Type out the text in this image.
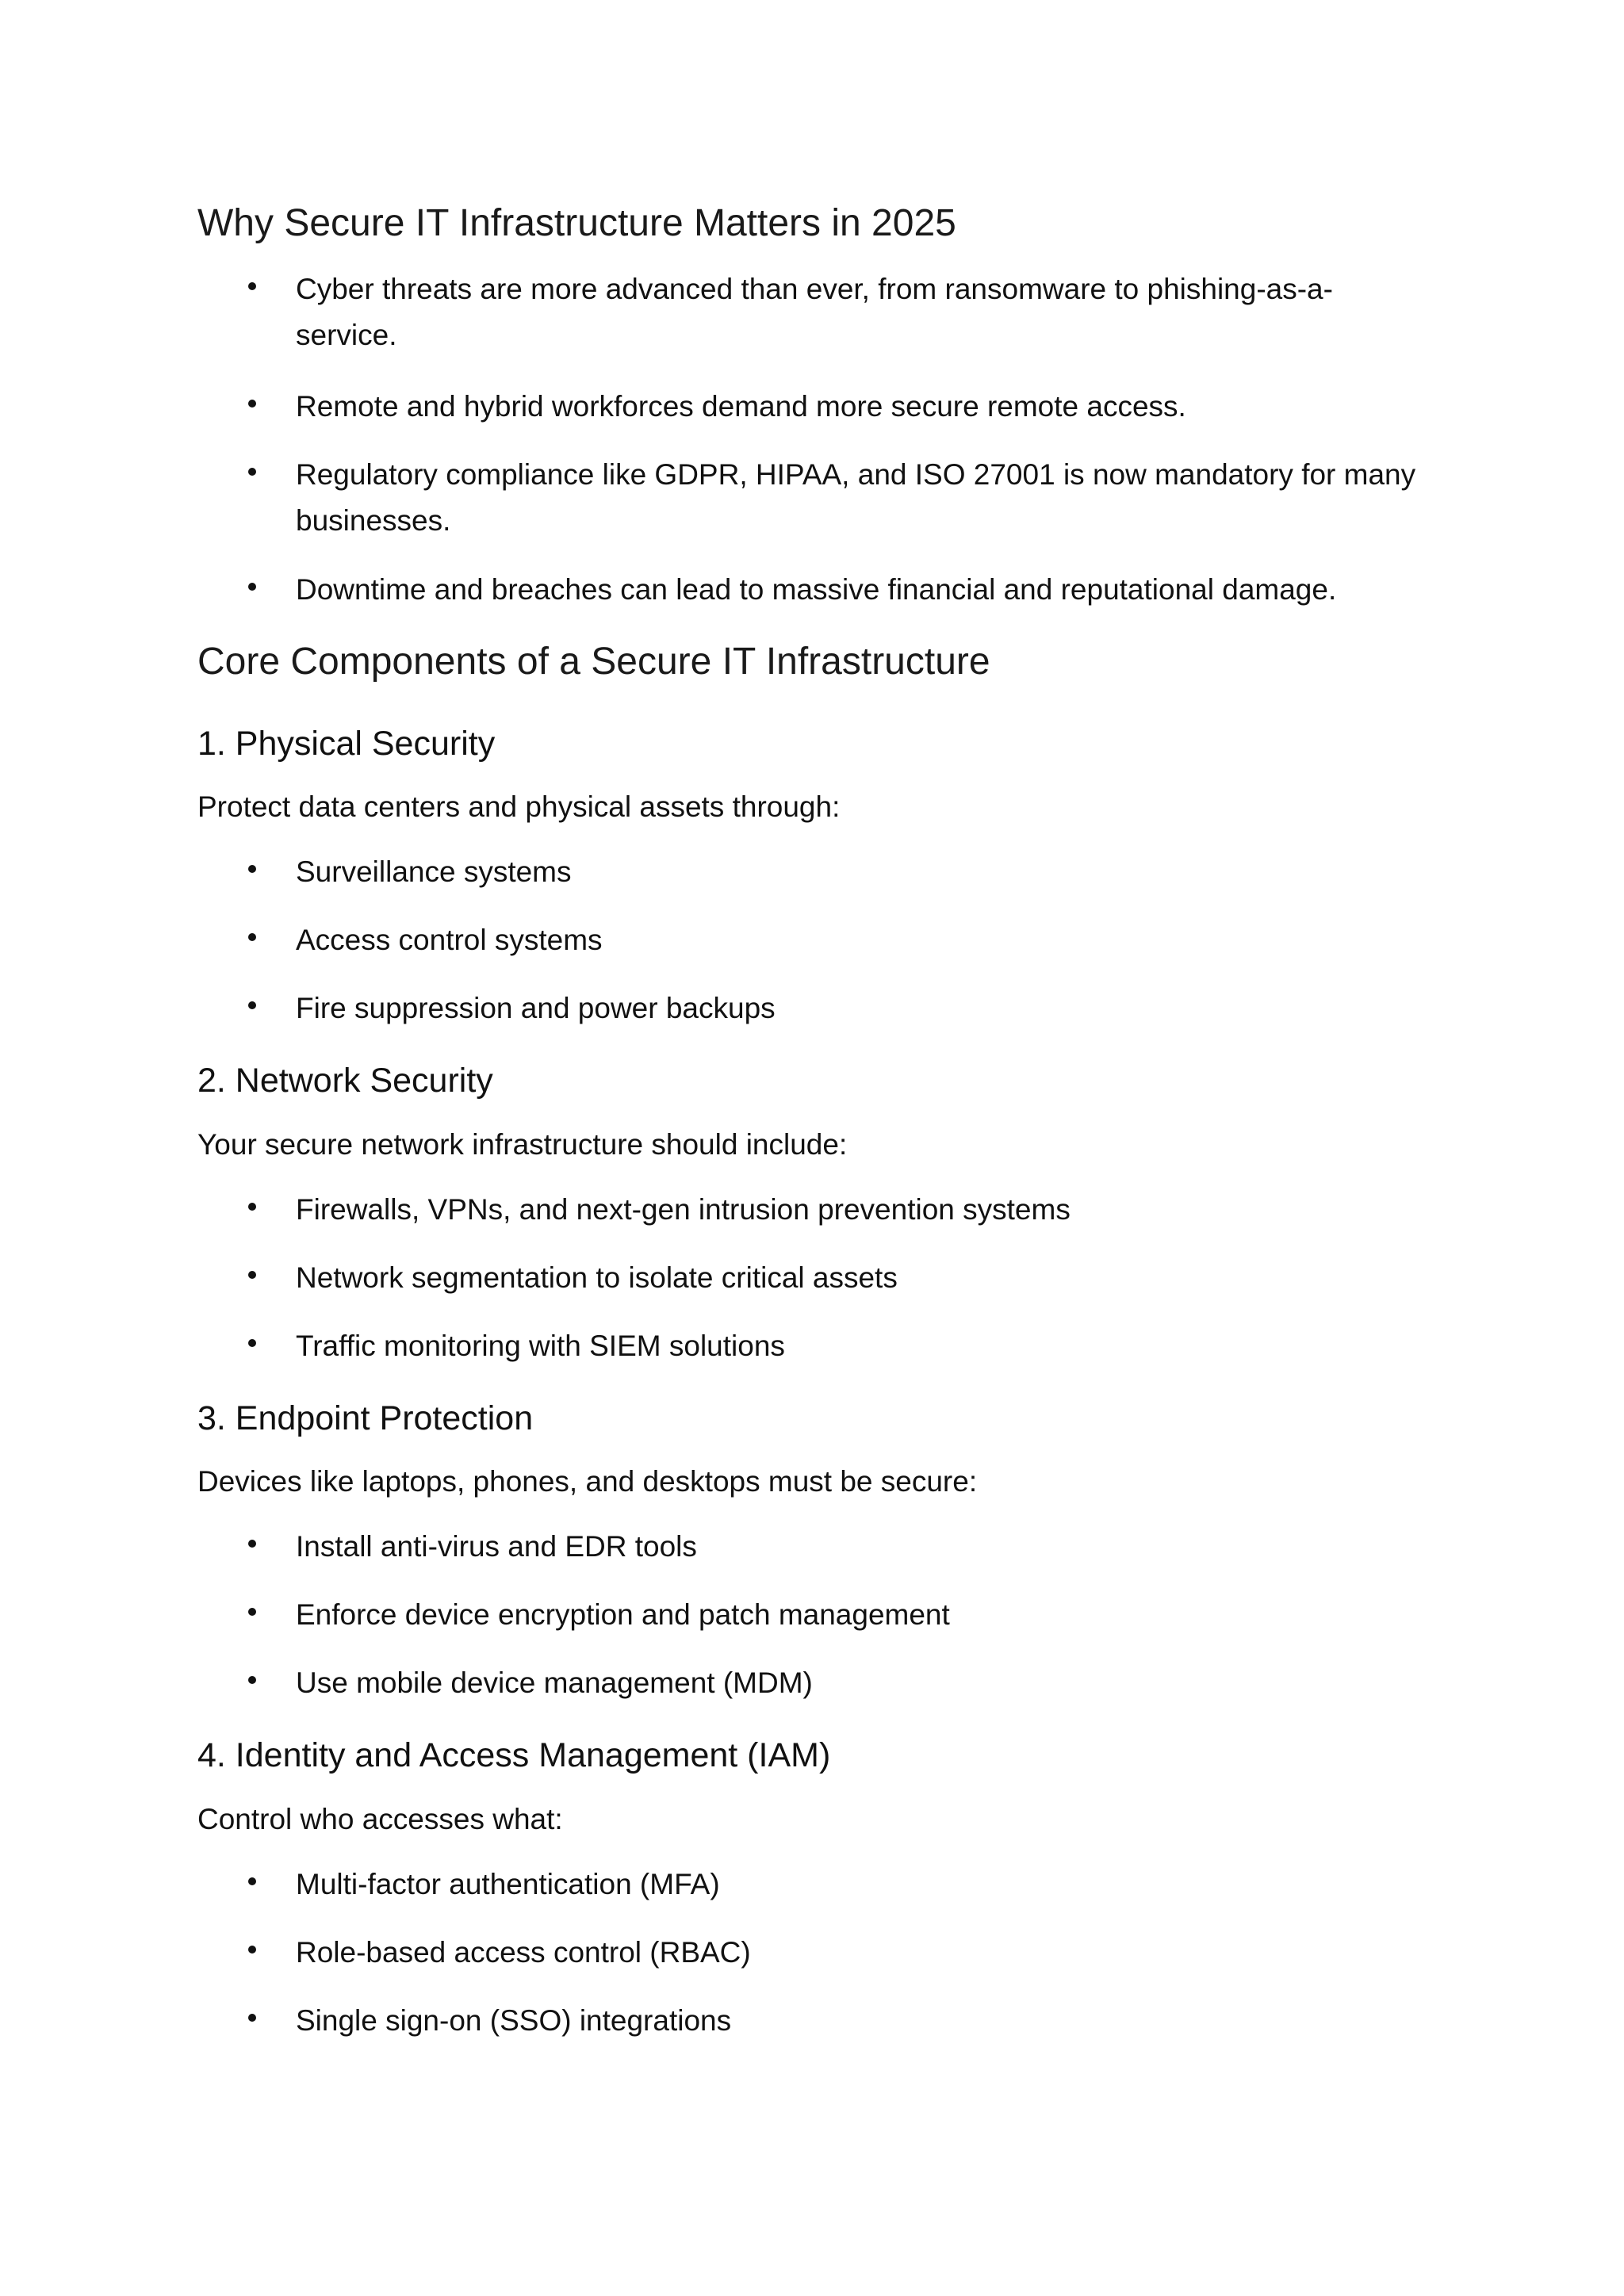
Why Secure IT Infrastructure Matters in 2025

Cyber threats are more advanced than ever, from ransomware to phishing-as-a-service.

Remote and hybrid workforces demand more secure remote access.

Regulatory compliance like GDPR, HIPAA, and ISO 27001 is now mandatory for many businesses.

Downtime and breaches can lead to massive financial and reputational damage.

Core Components of a Secure IT Infrastructure
1. Physical Security

Protect data centers and physical assets through:

Surveillance systems

Access control systems

Fire suppression and power backups

2. Network Security

Your secure network infrastructure should include:

Firewalls, VPNs, and next-gen intrusion prevention systems

Network segmentation to isolate critical assets

Traffic monitoring with SIEM solutions

3. Endpoint Protection

Devices like laptops, phones, and desktops must be secure:

Install anti-virus and EDR tools

Enforce device encryption and patch management

Use mobile device management (MDM)

4. Identity and Access Management (IAM)

Control who accesses what:

Multi-factor authentication (MFA)

Role-based access control (RBAC)

Single sign-on (SSO) integrations
